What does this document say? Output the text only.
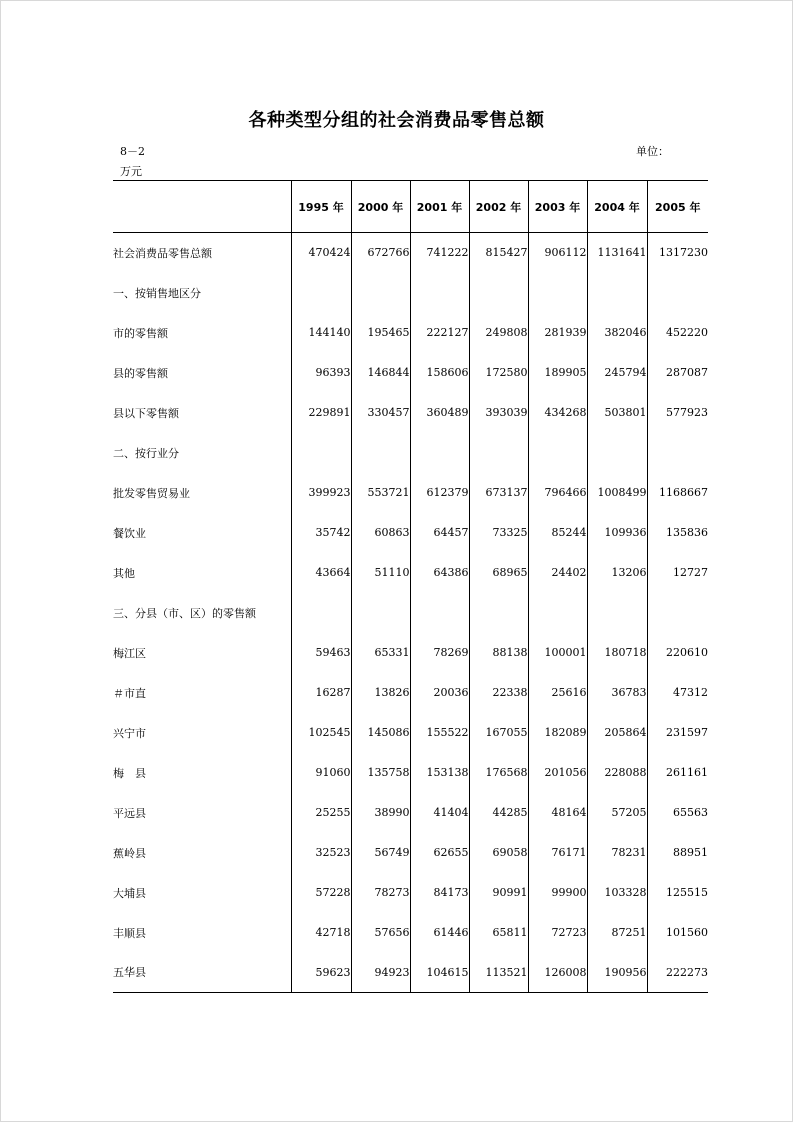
各种类型分组的社会消费品零售总额
8－2	单位：
万元
	1995 年	2000 年	2001 年	2002 年	2003 年	2004 年	2005 年
社会消费品零售总额	470424	672766	741222	815427	906112	1131641	1317230
一、按销售地区分							
市的零售额	144140	195465	222127	249808	281939	382046	452220
县的零售额	96393	146844	158606	172580	189905	245794	287087
县以下零售额	229891	330457	360489	393039	434268	503801	577923
二、按行业分							
批发零售贸易业	399923	553721	612379	673137	796466	1008499	1168667
餐饮业	35742	60863	64457	73325	85244	109936	135836
其他	43664	51110	64386	68965	24402	13206	12727
三、分县（市、区）的零售额							
梅江区	59463	65331	78269	88138	100001	180718	220610
＃市直	16287	13826	20036	22338	25616	36783	47312
兴宁市	102545	145086	155522	167055	182089	205864	231597
梅　县	91060	135758	153138	176568	201056	228088	261161
平远县	25255	38990	41404	44285	48164	57205	65563
蕉岭县	32523	56749	62655	69058	76171	78231	88951
大埔县	57228	78273	84173	90991	99900	103328	125515
丰顺县	42718	57656	61446	65811	72723	87251	101560
五华县	59623	94923	104615	113521	126008	190956	222273
